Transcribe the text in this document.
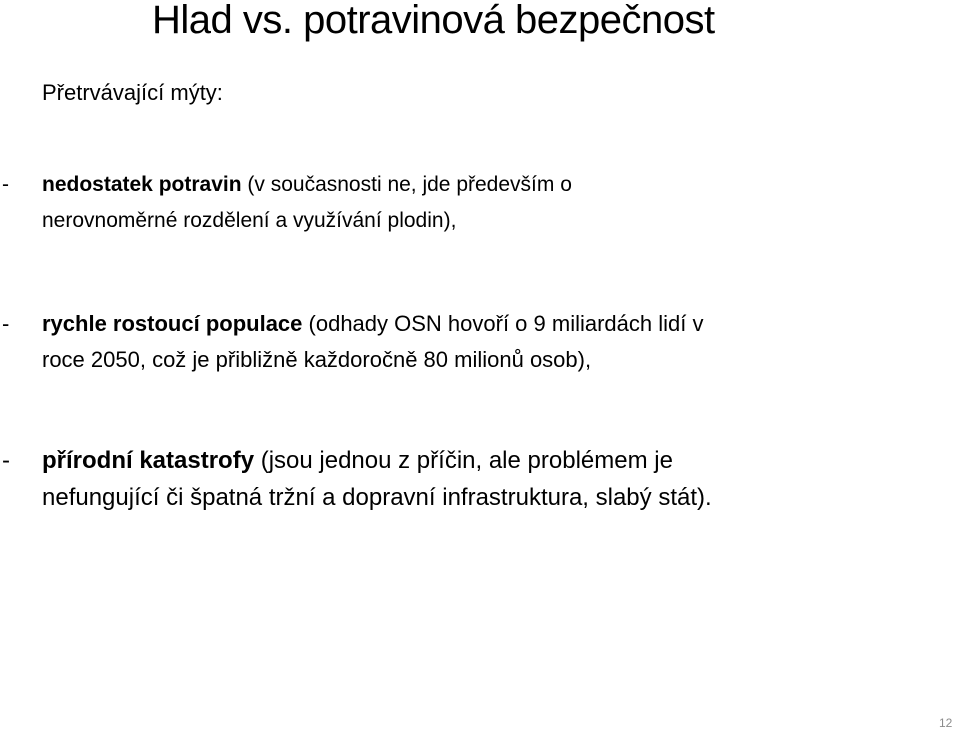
Hlad vs. potravinová bezpečnost
Přetrvávající mýty:
- nedostatek potravin (v současnosti ne, jde především o
nerovnoměrné rozdělení a využívání plodin),
- rychle rostoucí populace (odhady OSN hovoří o 9 miliardách lidí v
roce 2050, což je přibližně každoročně 80 milionů osob),
- přírodní katastrofy (jsou jednou z příčin, ale problémem je
nefungující či špatná tržní a dopravní infrastruktura, slabý stát).
12
